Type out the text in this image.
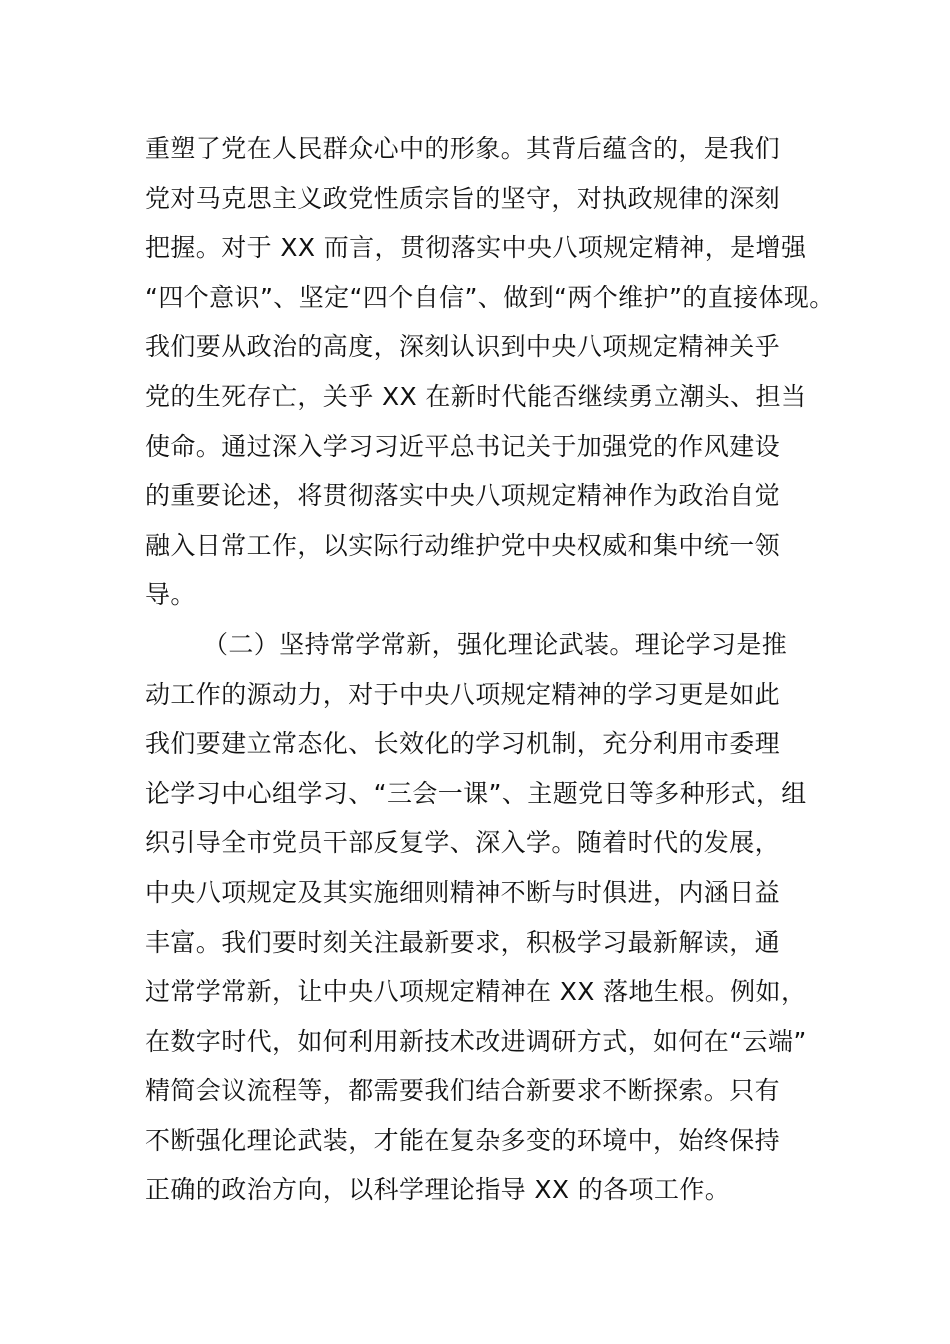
重塑了党在人民群众心中的形象。其背后蕴含的，是我们
党对马克思主义政党性质宗旨的坚守，对执政规律的深刻
把握。对于 XX 而言，贯彻落实中央八项规定精神，是增强
“四个意识”、坚定“四个自信”、做到“两个维护”的直接体现。
我们要从政治的高度，深刻认识到中央八项规定精神关乎
党的生死存亡，关乎 XX 在新时代能否继续勇立潮头、担当
使命。通过深入学习习近平总书记关于加强党的作风建设
的重要论述，将贯彻落实中央八项规定精神作为政治自觉
融入日常工作，以实际行动维护党中央权威和集中统一领
导。
（二）坚持常学常新，强化理论武装。理论学习是推
动工作的源动力，对于中央八项规定精神的学习更是如此
我们要建立常态化、长效化的学习机制，充分利用市委理
论学习中心组学习、“三会一课”、主题党日等多种形式，组
织引导全市党员干部反复学、深入学。随着时代的发展，
中央八项规定及其实施细则精神不断与时俱进，内涵日益
丰富。我们要时刻关注最新要求，积极学习最新解读，通
过常学常新，让中央八项规定精神在 XX 落地生根。例如，
在数字时代，如何利用新技术改进调研方式，如何在“云端”
精简会议流程等，都需要我们结合新要求不断探索。只有
不断强化理论武装，才能在复杂多变的环境中，始终保持
正确的政治方向，以科学理论指导 XX 的各项工作。
